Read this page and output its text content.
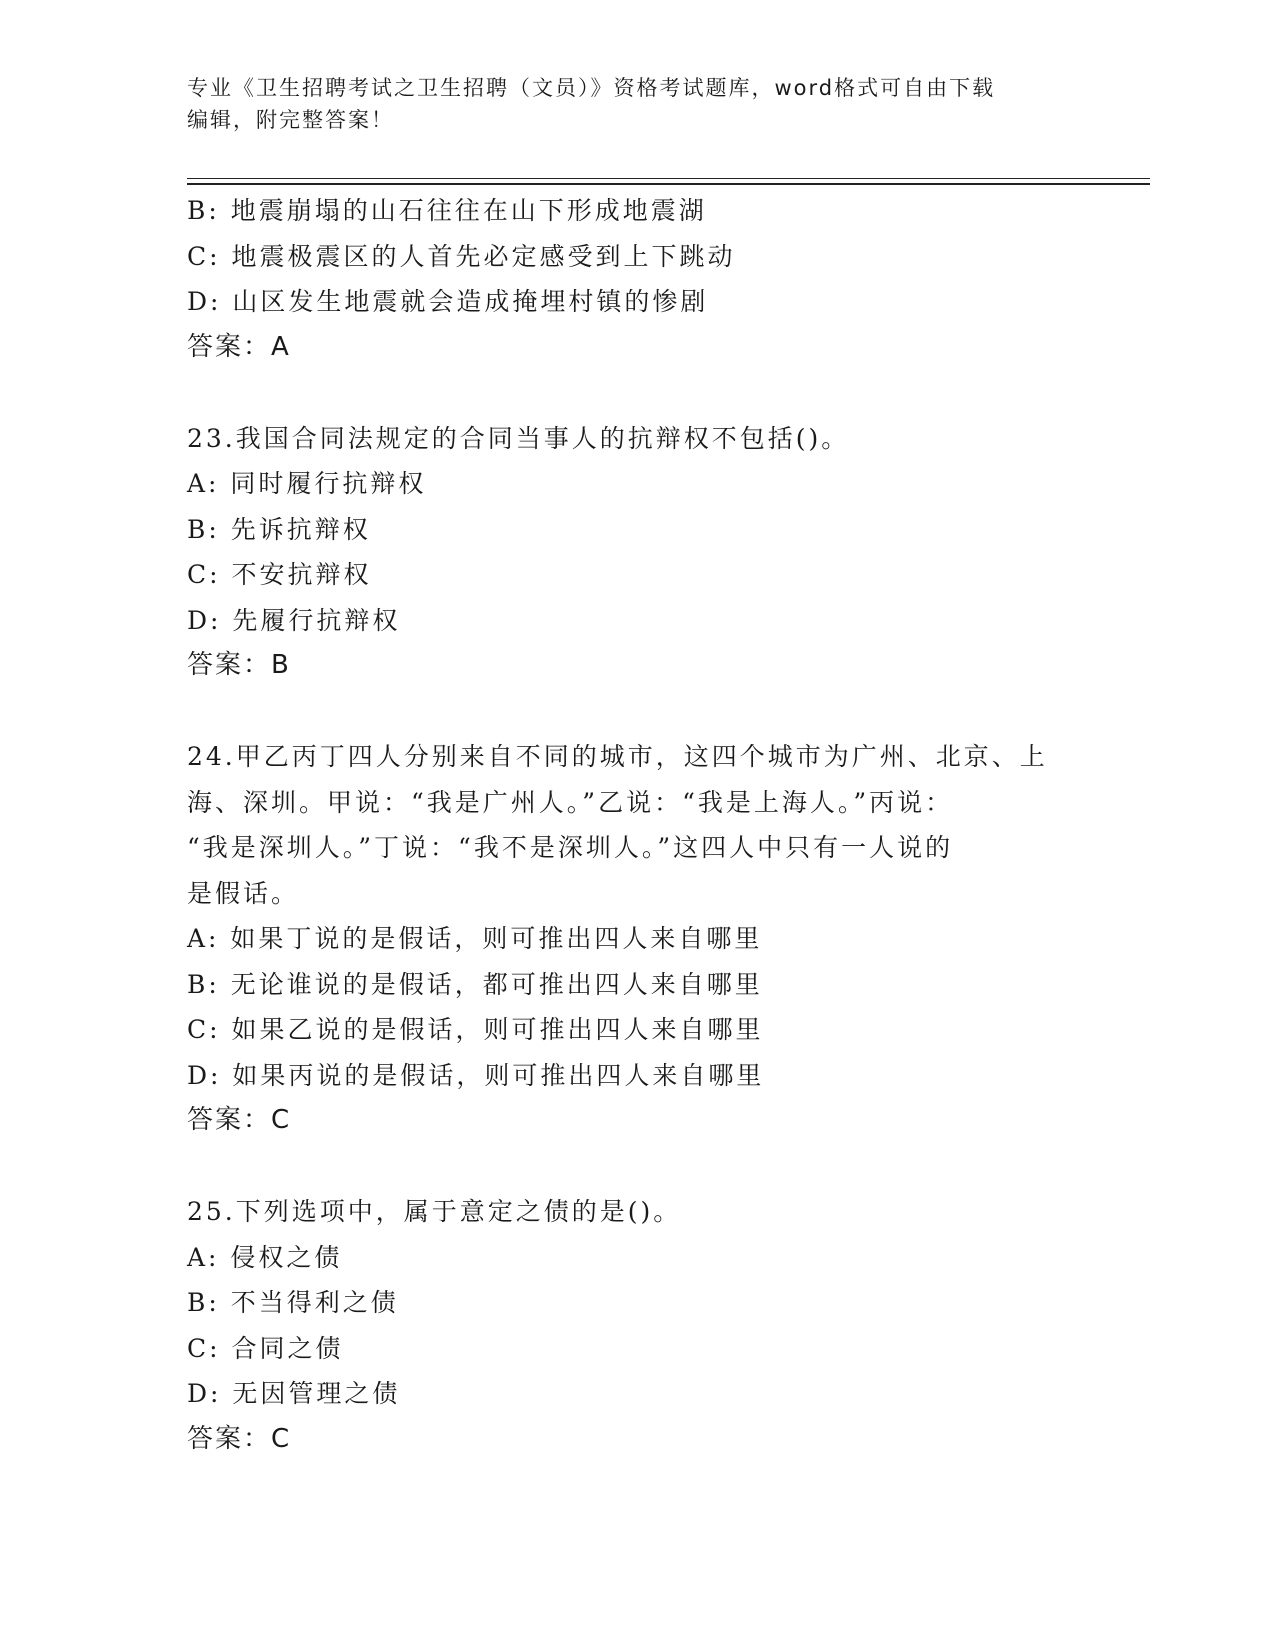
专业《卫生招聘考试之卫生招聘（文员）》资格考试题库，word格式可自由下载
编辑，附完整答案！
B: 地震崩塌的山石往往在山下形成地震湖
C: 地震极震区的人首先必定感受到上下跳动
D: 山区发生地震就会造成掩埋村镇的惨剧
答案：A
23.我国合同法规定的合同当事人的抗辩权不包括()。
A: 同时履行抗辩权
B: 先诉抗辩权
C: 不安抗辩权
D: 先履行抗辩权
答案：B
24.甲乙丙丁四人分别来自不同的城市，这四个城市为广州、北京、上
海、深圳。甲说：“我是广州人。”乙说：“我是上海人。”丙说：
“我是深圳人。”丁说：“我不是深圳人。”这四人中只有一人说的
是假话。
A: 如果丁说的是假话，则可推出四人来自哪里
B: 无论谁说的是假话，都可推出四人来自哪里
C: 如果乙说的是假话，则可推出四人来自哪里
D: 如果丙说的是假话，则可推出四人来自哪里
答案：C
25.下列选项中，属于意定之债的是()。
A: 侵权之债
B: 不当得利之债
C: 合同之债
D: 无因管理之债
答案：C
